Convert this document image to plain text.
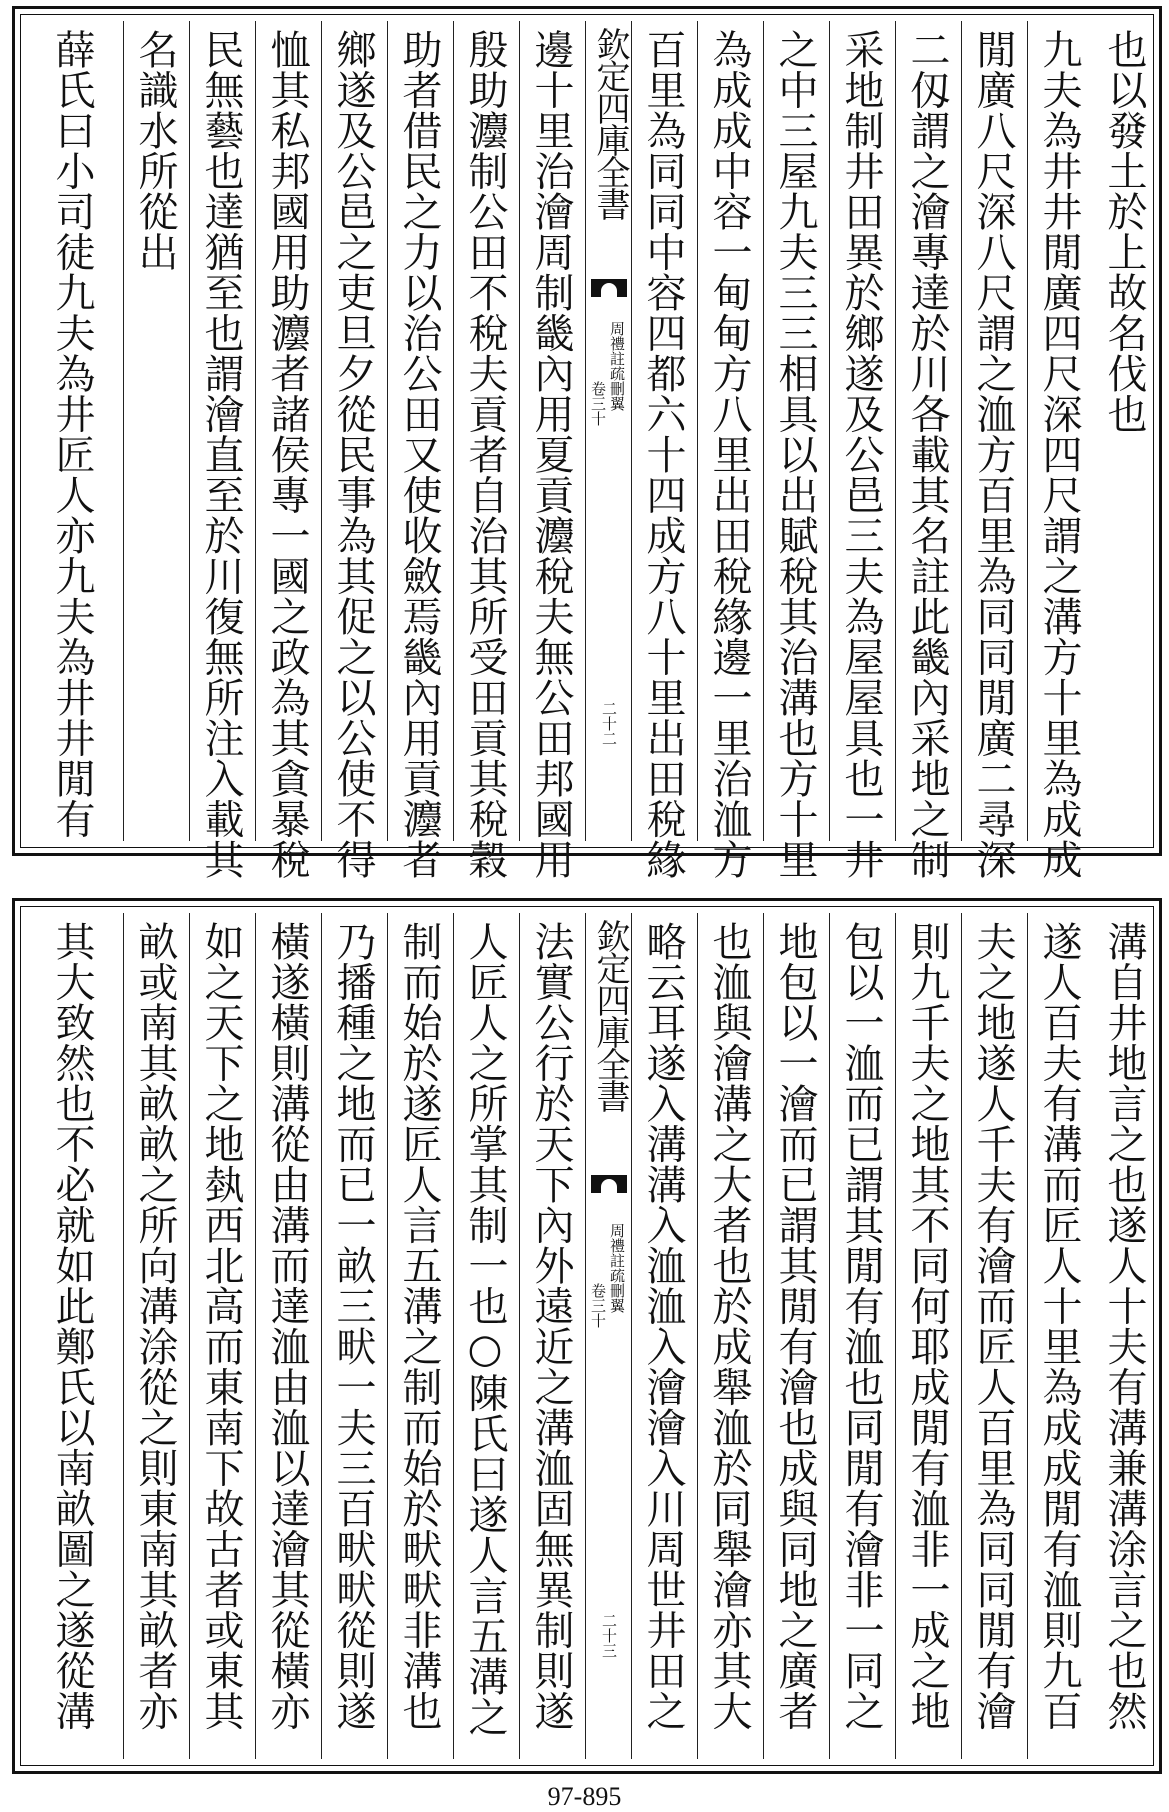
也以發土於上故名伐也
九夫為井井閒廣四尺深四尺謂之溝方十里為成成
閒廣八尺深八尺謂之洫方百里為同同閒廣二尋深
二仭謂之澮專達於川各載其名註此畿內采地之制
采地制井田異於鄉遂及公邑三夫為屋屋具也一井
之中三屋九夫三三相具以出賦稅其治溝也方十里
為成成中容一甸甸方八里出田稅緣邊一里治洫方
百里為同同中容四都六十四成方八十里出田稅緣
欽定四庫全書
周禮註疏刪翼
卷三十
二十二
邊十里治澮周制畿內用夏貢灋稅夫無公田邦國用
殷助灋制公田不稅夫貢者自治其所受田貢其稅穀
助者借民之力以治公田又使收斂焉畿內用貢灋者
鄉遂及公邑之吏旦夕從民事為其促之以公使不得
恤其私邦國用助灋者諸侯專一國之政為其貪暴稅
民無藝也達猶至也謂澮直至於川復無所注入載其
名識水所從出
薛氏曰小司徒九夫為井匠人亦九夫為井井閒有
溝自井地言之也遂人十夫有溝兼溝涂言之也然
遂人百夫有溝而匠人十里為成成閒有洫則九百
夫之地遂人千夫有澮而匠人百里為同同閒有澮
則九千夫之地其不同何耶成閒有洫非一成之地
包以一洫而已謂其閒有洫也同閒有澮非一同之
地包以一澮而已謂其閒有澮也成與同地之廣者
也洫與澮溝之大者也於成舉洫於同舉澮亦其大
略云耳遂入溝溝入洫洫入澮澮入川周世井田之
欽定四庫全書
周禮註疏刪翼
卷三十
二十三
法實公行於天下內外遠近之溝洫固無異制則遂
人匠人之所掌其制一也○陳氏曰遂人言五溝之
制而始於遂匠人言五溝之制而始於畎畎非溝也
乃播種之地而已一畝三畎一夫三百畎畎從則遂
橫遂橫則溝從由溝而達洫由洫以達澮其從橫亦
如之天下之地埶西北高而東南下故古者或東其
畝或南其畝畝之所向溝涂從之則東南其畝者亦
其大致然也不必就如此鄭氏以南畝圖之遂從溝
97-895
